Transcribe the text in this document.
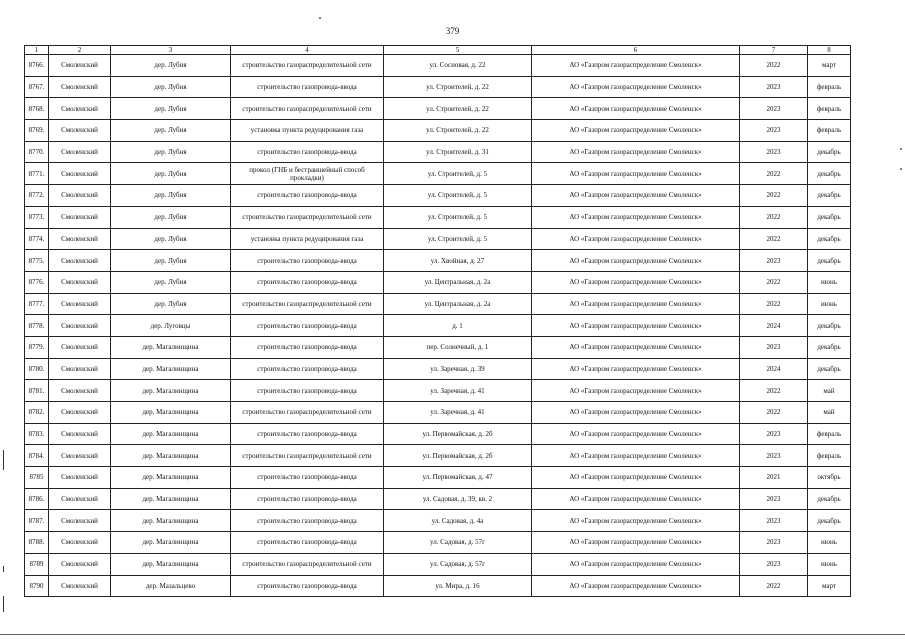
379
1	2	3	4	5	6	7	8
8766.	Смоленский	дер. Лубня	строительство газораспределительной сети	ул. Сосновая, д. 22	АО «Газпром газораспределение Смоленск»	2022	март
8767.	Смоленский	дер. Лубня	строительство газопровода-ввода	ул. Строителей, д. 22	АО «Газпром газораспределение Смоленск»	2023	февраль
8768.	Смоленский	дер. Лубня	строительство газораспределительной сети	ул. Строителей, д. 22	АО «Газпром газораспределение Смоленск»	2023	февраль
8769.	Смоленский	дер. Лубня	установка пункта редуцирования газа	ул. Строителей, д. 22	АО «Газпром газораспределение Смоленск»	2023	февраль
8770.	Смоленский	дер. Лубня	строительство газопровода-ввода	ул. Строителей, д. 31	АО «Газпром газораспределение Смоленск»	2023	декабрь
8771.	Смоленский	дер. Лубня	прокол (ГНБ и бестраншейный способ прокладки)	ул. Строителей, д. 5	АО «Газпром газораспределение Смоленск»	2022	декабрь
8772.	Смоленский	дер. Лубня	строительство газопровода-ввода	ул. Строителей, д. 5	АО «Газпром газораспределение Смоленск»	2022	декабрь
8773.	Смоленский	дер. Лубня	строительство газораспределительной сети	ул. Строителей, д. 5	АО «Газпром газораспределение Смоленск»	2022	декабрь
8774.	Смоленский	дер. Лубня	установка пункта редуцирования газа	ул. Строителей, д. 5	АО «Газпром газораспределение Смоленск»	2022	декабрь
8775.	Смоленский	дер. Лубня	строительство газопровода-ввода	ул. Хвойная, д. 27	АО «Газпром газораспределение Смоленск»	2023	декабрь
8776.	Смоленский	дер. Лубня	строительство газопровода-ввода	ул. Центральная, д. 2а	АО «Газпром газораспределение Смоленск»	2022	июнь
8777.	Смоленский	дер. Лубня	строительство газораспределительной сети	ул. Центральная, д. 2а	АО «Газпром газораспределение Смоленск»	2022	июнь
8778.	Смоленский	дер. Луговцы	строительство газопровода-ввода	д. 1	АО «Газпром газораспределение Смоленск»	2024	декабрь
8779.	Смоленский	дер. Магалинщина	строительство газопровода-ввода	пер. Солнечный, д. 1	АО «Газпром газораспределение Смоленск»	2023	декабрь
8780.	Смоленский	дер. Магалинщина	строительство газопровода-ввода	ул. Заречная, д. 39	АО «Газпром газораспределение Смоленск»	2024	декабрь
8781.	Смоленский	дер. Магалинщина	строительство газопровода-ввода	ул. Заречная, д. 41	АО «Газпром газораспределение Смоленск»	2022	май
8782.	Смоленский	дер. Магалинщина	строительство газораспределительной сети	ул. Заречная, д. 41	АО «Газпром газораспределение Смоленск»	2022	май
8783.	Смоленский	дер. Магалинщина	строительство газопровода-ввода	ул. Первомайская, д. 2б	АО «Газпром газораспределение Смоленск»	2023	февраль
8784.	Смоленский	дер. Магалинщина	строительство газораспределительной сети	ул. Первомайская, д. 2б	АО «Газпром газораспределение Смоленск»	2023	февраль
8785	Смоленский	дер. Магалинщина	строительство газопровода-ввода	ул. Первомайская, д. 47	АО «Газпром газораспределение Смоленск»	2021	октябрь
8786.	Смоленский	дер. Магалинщина	строительство газопровода-ввода	ул. Садовая, д. 39, кв. 2	АО «Газпром газораспределение Смоленск»	2023	декабрь
8787.	Смоленский	дер. Магалинщина	строительство газопровода-ввода	ул. Садовая, д. 4а	АО «Газпром газораспределение Смоленск»	2023	декабрь
8788.	Смоленский	дер. Магалинщина	строительство газопровода-ввода	ул. Садовая, д. 57г	АО «Газпром газораспределение Смоленск»	2023	июнь
8789	Смоленский	дер. Магалинщина	строительство газораспределительной сети	ул. Садовая, д. 57г	АО «Газпром газораспределение Смоленск»	2023	июнь
8790	Смоленский	дер. Мазальцево	строительство газопровода-ввода	ул. Мира, д. 16	АО «Газпром газораспределение Смоленск»	2022	март
